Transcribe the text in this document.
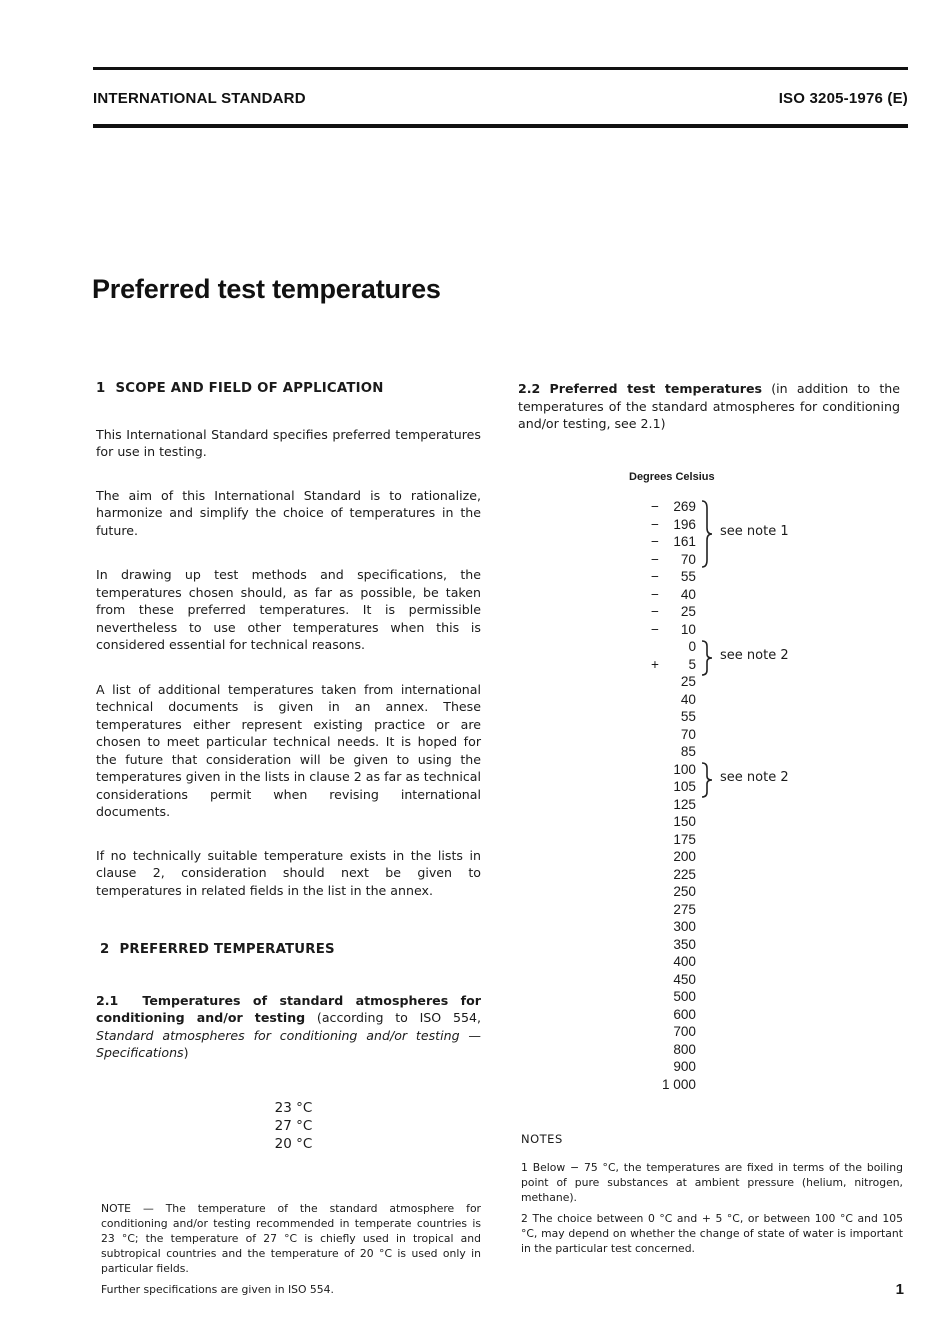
INTERNATIONAL STANDARD	ISO 3205-1976 (E)
Preferred test temperatures
1 SCOPE AND FIELD OF APPLICATION

This International Standard specifies preferred temperatures for use in testing.

The aim of this International Standard is to rationalize, harmonize and simplify the choice of temperatures in the future.

In drawing up test methods and specifications, the temperatures chosen should, as far as possible, be taken from these preferred temperatures. It is permissible nevertheless to use other temperatures when this is considered essential for technical reasons.

A list of additional temperatures taken from international technical documents is given in an annex. These temperatures either represent existing practice or are chosen to meet particular technical needs. It is hoped for the future that consideration will be given to using the temperatures given in the lists in clause 2 as far as technical considerations permit when revising international documents.

If no technically suitable temperature exists in the lists in clause 2, consideration should next be given to temperatures in related fields in the list in the annex.

2 PREFERRED TEMPERATURES

2.1 Temperatures of standard atmospheres for conditioning and/or testing (according to ISO 554, Standard atmospheres for conditioning and/or testing — Specifications)

23 °C
27 °C
20 °C

NOTE — The temperature of the standard atmosphere for conditioning and/or testing recommended in temperate countries is 23 °C; the temperature of 27 °C is chiefly used in tropical and subtropical countries and the temperature of 20 °C is used only in particular fields.

Further specifications are given in ISO 554.

2.2 Preferred test temperatures (in addition to the temperatures of the standard atmospheres for conditioning and/or testing, see 2.1)

Degrees Celsius
− 269
− 196
− 161
− 70
− 55
− 40
− 25
− 10
0
+ 5
25
40
55
70
85
100
105
125
150
175
200
225
250
275
300
350
400
450
500
600
700
800
900
1 000
see note 1
see note 2
see note 2
NOTES

1 Below − 75 °C, the temperatures are fixed in terms of the boiling point of pure substances at ambient pressure (helium, nitrogen, methane).

2 The choice between 0 °C and + 5 °C, or between 100 °C and 105 °C, may depend on whether the change of state of water is important in the particular test concerned.

1
